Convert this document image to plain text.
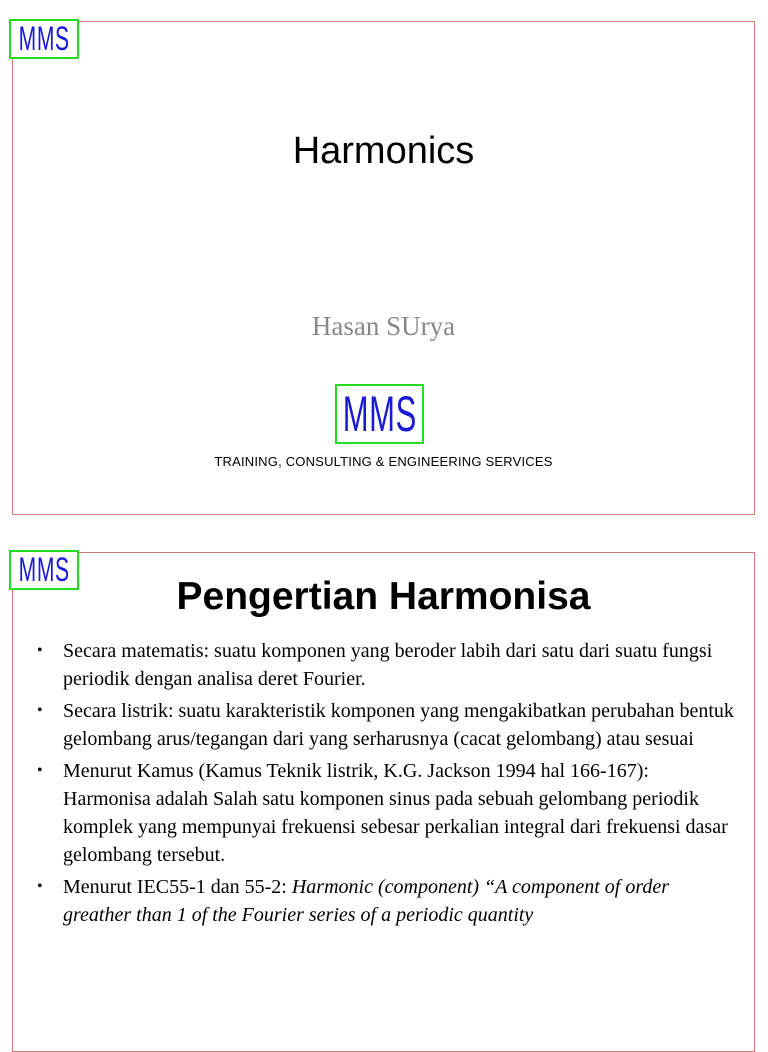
MMS
Harmonics
Hasan SUrya
MMS
TRAINING, CONSULTING & ENGINEERING SERVICES
MMS
Pengertian Harmonisa
• Secara matematis: suatu komponen yang beroder labih dari satu dari suatu fungsi periodik dengan analisa deret Fourier.
• Secara listrik: suatu karakteristik komponen yang mengakibatkan perubahan bentuk gelombang arus/tegangan dari yang serharusnya (cacat gelombang) atau sesuai
• Menurut Kamus (Kamus Teknik listrik, K.G. Jackson 1994 hal 166-167): Harmonisa adalah Salah satu komponen sinus pada sebuah gelombang periodik komplek yang mempunyai frekuensi sebesar perkalian integral dari frekuensi dasar gelombang tersebut.
• Menurut IEC55-1 dan 55-2: Harmonic (component) “A component of order greather than 1 of the Fourier series of a periodic quantity
